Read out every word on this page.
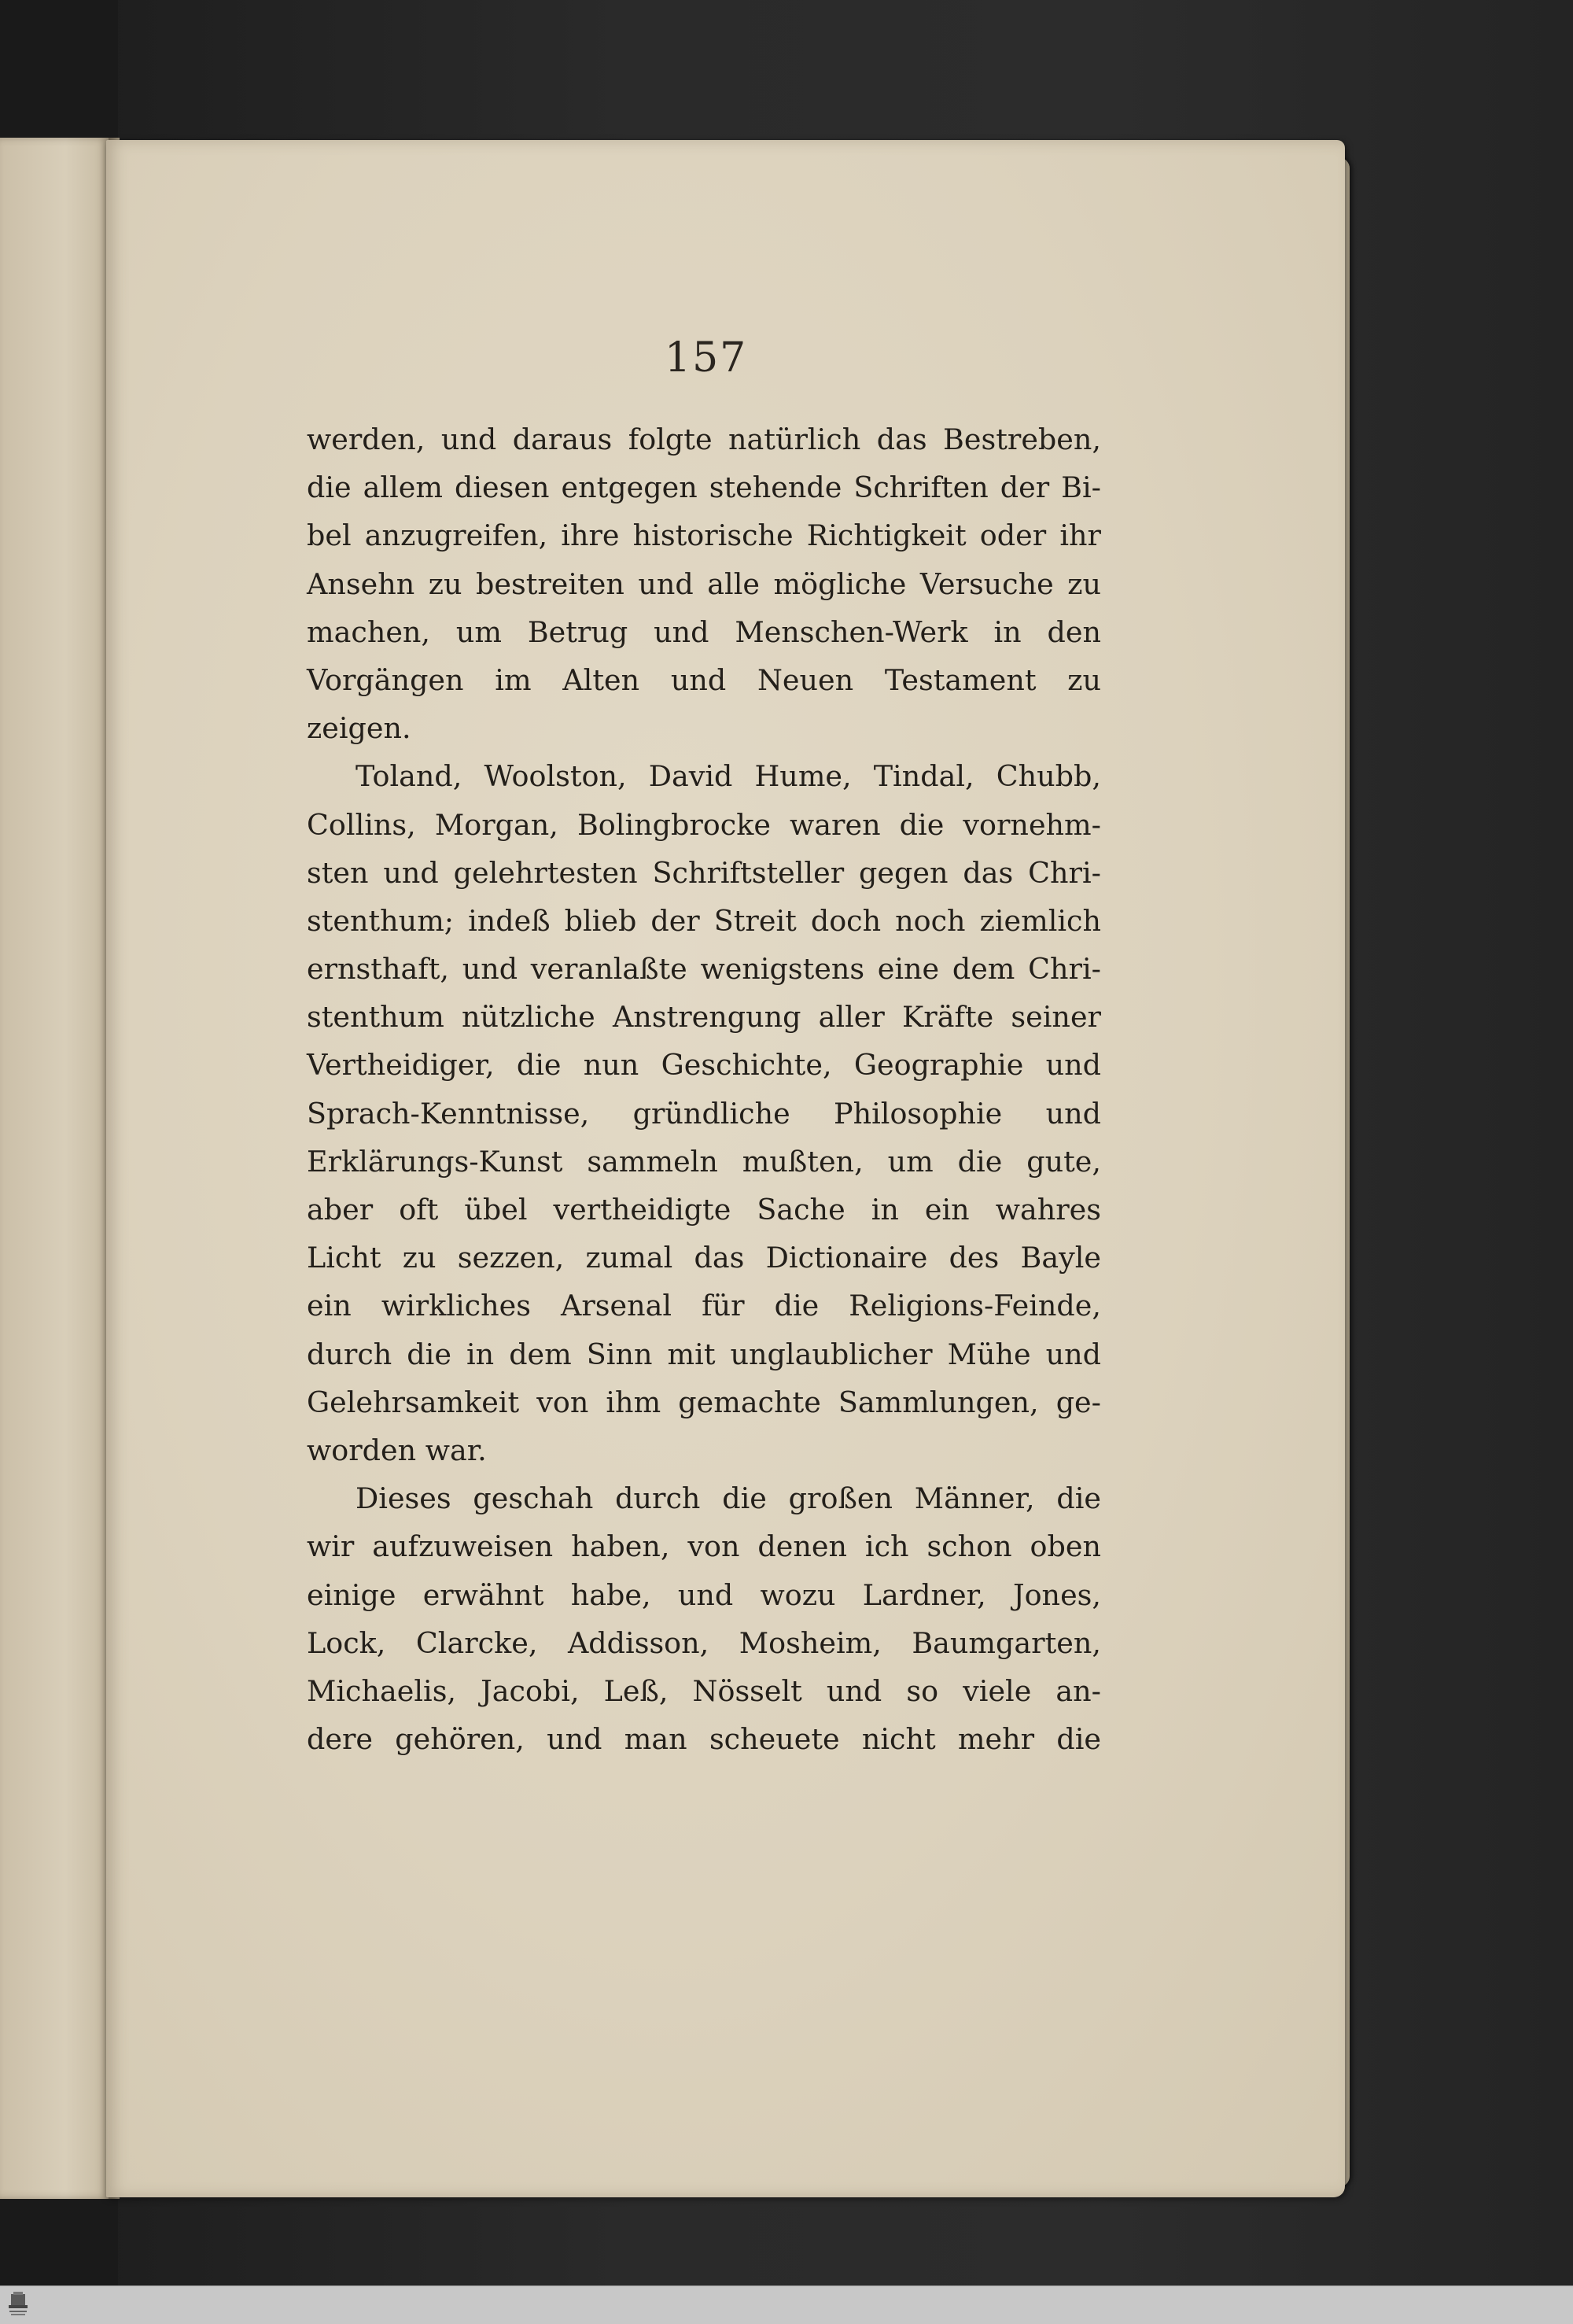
157
werden, und daraus folgte natürlich das Bestreben,
die allem diesen entgegen stehende Schriften der Bi-
bel anzugreifen, ihre historische Richtigkeit oder ihr
Ansehn zu bestreiten und alle mögliche Versuche zu
machen, um Betrug und Menschen-Werk in den
Vorgängen im Alten und Neuen Testament zu
zeigen.
Toland, Woolston, David Hume, Tindal, Chubb,
Collins, Morgan, Bolingbrocke waren die vornehm-
sten und gelehrtesten Schriftsteller gegen das Chri-
stenthum; indeß blieb der Streit doch noch ziemlich
ernsthaft, und veranlaßte wenigstens eine dem Chri-
stenthum nützliche Anstrengung aller Kräfte seiner
Vertheidiger, die nun Geschichte, Geographie und
Sprach-Kenntnisse, gründliche Philosophie und
Erklärungs-Kunst sammeln mußten, um die gute,
aber oft übel vertheidigte Sache in ein wahres
Licht zu sezzen, zumal das Dictionaire des Bayle
ein wirkliches Arsenal für die Religions-Feinde,
durch die in dem Sinn mit unglaublicher Mühe und
Gelehrsamkeit von ihm gemachte Sammlungen, ge-
worden war.
Dieses geschah durch die großen Männer, die
wir aufzuweisen haben, von denen ich schon oben
einige erwähnt habe, und wozu Lardner, Jones,
Lock, Clarcke, Addisson, Mosheim, Baumgarten,
Michaelis, Jacobi, Leß, Nösselt und so viele an-
dere gehören, und man scheuete nicht mehr die
